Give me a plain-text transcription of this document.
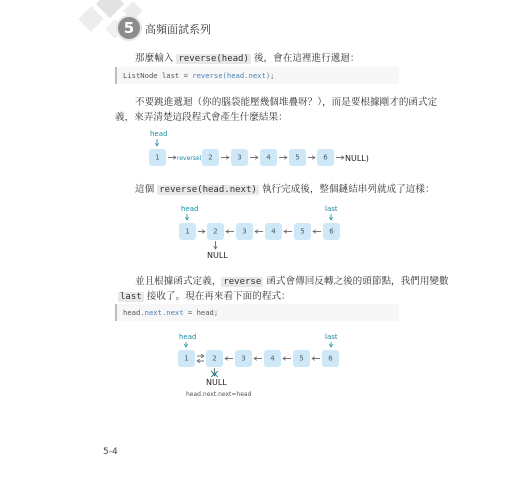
5 高頻面試系列
那麼輸入 reverse(head) 後，會在這裡進行遞迴：
ListNode last = reverse(head.next);
不要跳進遞迴（你的腦袋能壓幾個堆疊呀？），而是要根據剛才的函式定
義，來弄清楚這段程式會產生什麼結果：
head
1	reverse( 2	3	4	5	6 NULL)
這個 reverse(head.next) 執行完成後，整個鏈結串列就成了這樣：
head	last
1	2
NULL
3	4	5	6
並且根據函式定義， reverse 函式會傳回反轉之後的頭節點，我們用變數
last 接收了。現在再來看下面的程式：
head.next.next = head;
head	last
1	2
NULL
3	4	5	6
head.next.next=head
5-4
